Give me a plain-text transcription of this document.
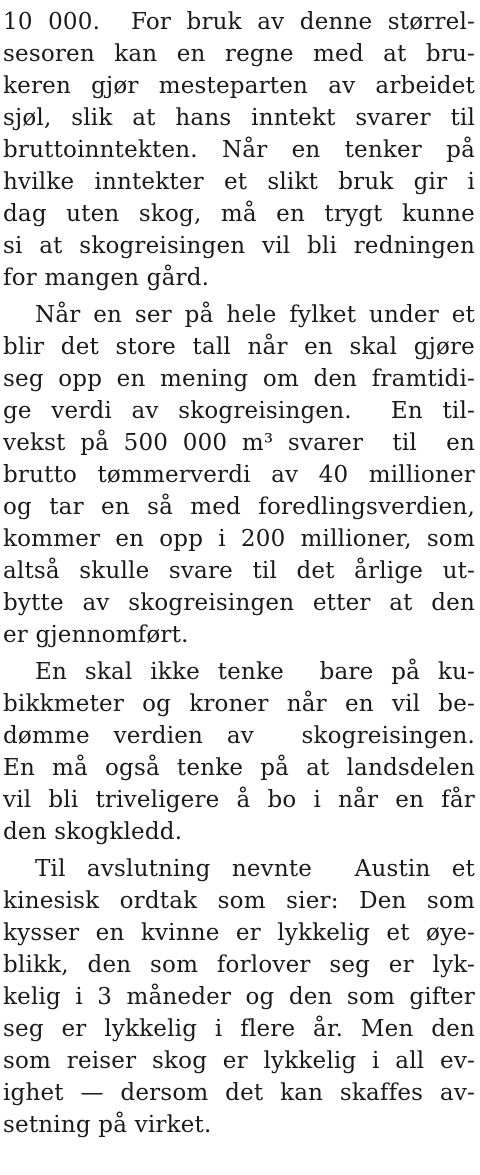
10 000.  For bruk av denne størrel-
sesoren kan en regne med at bru-
keren gjør mesteparten av arbeidet
sjøl, slik at hans inntekt svarer til
bruttoinntekten. Når en tenker på
hvilke inntekter et slikt bruk gir i
dag uten skog, må en trygt kunne
si at skogreisingen vil bli redningen
for mangen gård.
Når en ser på hele fylket under et
blir det store tall når en skal gjøre
seg opp en mening om den framtidi-
ge verdi av skogreisingen.  En til-
vekst på 500 000 m³ svarer  til  en
brutto tømmerverdi av 40 millioner
og tar en så med foredlingsverdien,
kommer en opp i 200 millioner, som
altså skulle svare til det årlige ut-
bytte av skogreisingen etter at den
er gjennomført.
En skal ikke tenke  bare på ku-
bikkmeter og kroner når en vil be-
dømme verdien av  skogreisingen.
En må også tenke på at landsdelen
vil bli triveligere å bo i når en får
den skogkledd.
Til avslutning nevnte  Austin et
kinesisk ordtak som sier: Den som
kysser en kvinne er lykkelig et øye-
blikk, den som forlover seg er lyk-
kelig i 3 måneder og den som gifter
seg er lykkelig i flere år. Men den
som reiser skog er lykkelig i all ev-
ighet — dersom det kan skaffes av-
setning på virket.
